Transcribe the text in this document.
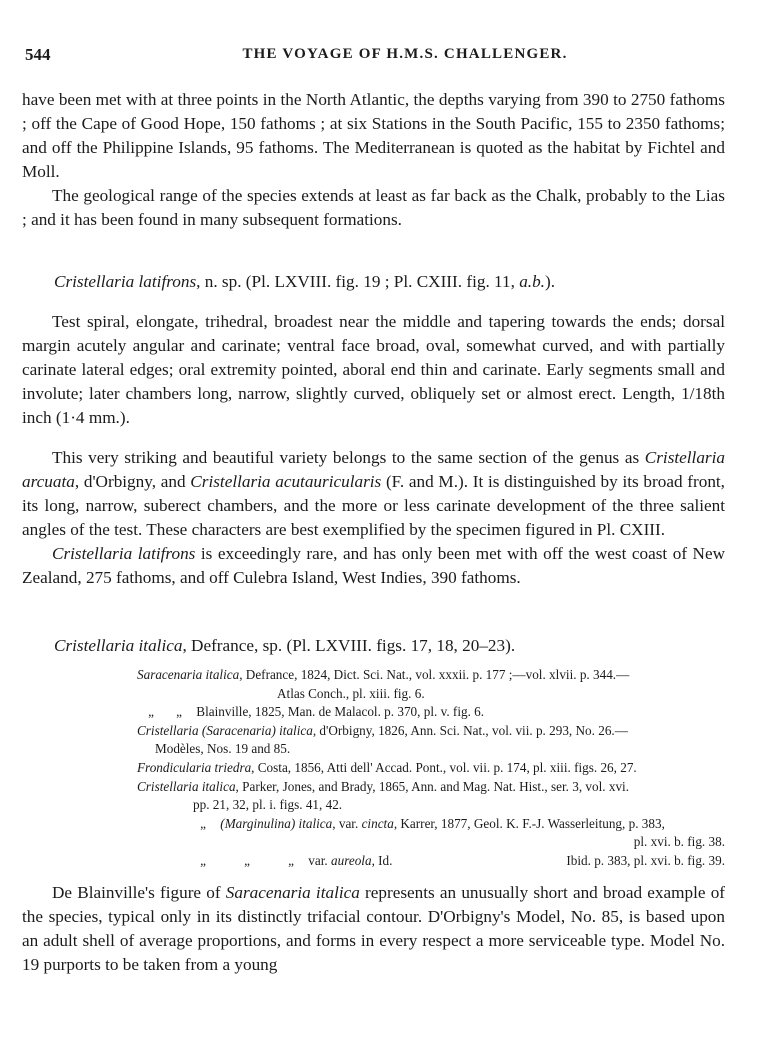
544	THE VOYAGE OF H.M.S. CHALLENGER.

have been met with at three points in the North Atlantic, the depths varying from 390 to 2750 fathoms ; off the Cape of Good Hope, 150 fathoms ; at six Stations in the South Pacific, 155 to 2350 fathoms; and off the Philippine Islands, 95 fathoms. The Mediterranean is quoted as the habitat by Fichtel and Moll.

The geological range of the species extends at least as far back as the Chalk, probably to the Lias ; and it has been found in many subsequent formations.

Cristellaria latifrons, n. sp. (Pl. LXVIII. fig. 19 ; Pl. CXIII. fig. 11, a.b.).

Test spiral, elongate, trihedral, broadest near the middle and tapering towards the ends; dorsal margin acutely angular and carinate; ventral face broad, oval, somewhat curved, and with partially carinate lateral edges; oral extremity pointed, aboral end thin and carinate. Early segments small and involute; later chambers long, narrow, slightly curved, obliquely set or almost erect. Length, 1/18th inch (1·4 mm.).

This very striking and beautiful variety belongs to the same section of the genus as Cristellaria arcuata, d'Orbigny, and Cristellaria acutauricularis (F. and M.). It is distinguished by its broad front, its long, narrow, suberect chambers, and the more or less carinate development of the three salient angles of the test. These characters are best exemplified by the specimen figured in Pl. CXIII.

Cristellaria latifrons is exceedingly rare, and has only been met with off the west coast of New Zealand, 275 fathoms, and off Culebra Island, West Indies, 390 fathoms.

Cristellaria italica, Defrance, sp. (Pl. LXVIII. figs. 17, 18, 20–23).

Saracenaria italica, Defrance, 1824, Dict. Sci. Nat., vol. xxxii. p. 177 ;—vol. xlvii. p. 344.—
Atlas Conch., pl. xiii. fig. 6.
„ „ Blainville, 1825, Man. de Malacol. p. 370, pl. v. fig. 6.
Cristellaria (Saracenaria) italica, d'Orbigny, 1826, Ann. Sci. Nat., vol. vii. p. 293, No. 26.—
Modèles, Nos. 19 and 85.
Frondicularia triedra, Costa, 1856, Atti dell' Accad. Pont., vol. vii. p. 174, pl. xiii. figs. 26, 27.
Cristellaria italica, Parker, Jones, and Brady, 1865, Ann. and Mag. Nat. Hist., ser. 3, vol. xvi.
pp. 21, 32, pl. i. figs. 41, 42.
„ (Marginulina) italica, var. cincta, Karrer, 1877, Geol. K. F.-J. Wasserleitung, p. 383,
pl. xvi. b. fig. 38.
„	„	„ var. aureola, Id.	Ibid. p. 383, pl. xvi. b. fig. 39.

De Blainville's figure of Saracenaria italica represents an unusually short and broad example of the species, typical only in its distinctly trifacial contour. D'Orbigny's Model, No. 85, is based upon an adult shell of average proportions, and forms in every respect a more serviceable type. Model No. 19 purports to be taken from a young
